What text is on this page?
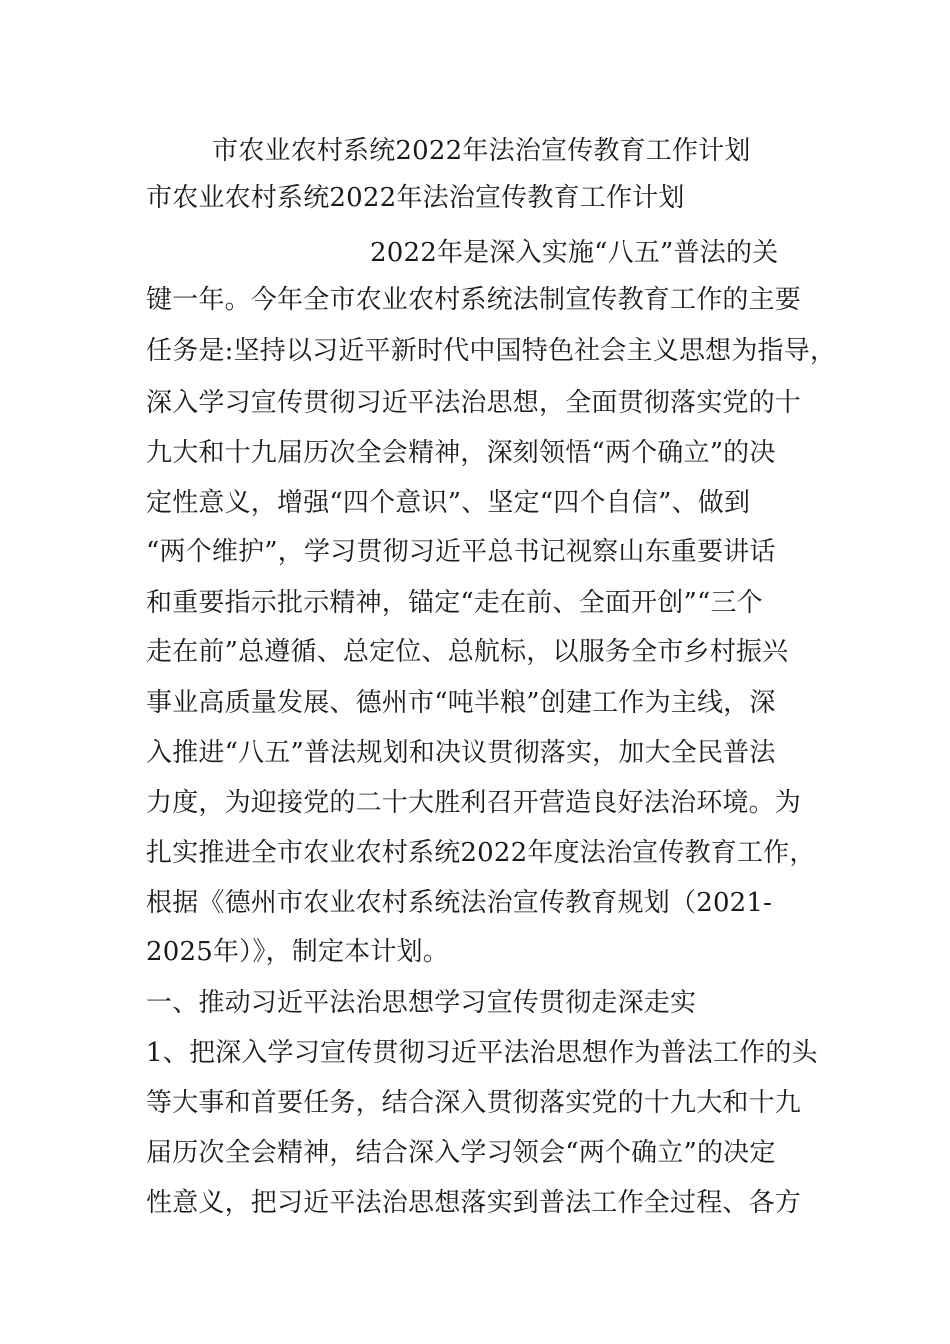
市农业农村系统2022年法治宣传教育工作计划
市农业农村系统2022年法治宣传教育工作计划
2022年是深入实施“八五”普法的关
键一年。今年全市农业农村系统法制宣传教育工作的主要
任务是:坚持以习近平新时代中国特色社会主义思想为指导，
深入学习宣传贯彻习近平法治思想，全面贯彻落实党的十
九大和十九届历次全会精神，深刻领悟“两个确立”的决
定性意义，增强“四个意识”、坚定“四个自信”、做到
“两个维护”，学习贯彻习近平总书记视察山东重要讲话
和重要指示批示精神，锚定“走在前、全面开创”“三个
走在前”总遵循、总定位、总航标，以服务全市乡村振兴
事业高质量发展、德州市“吨半粮”创建工作为主线，深
入推进“八五”普法规划和决议贯彻落实，加大全民普法
力度，为迎接党的二十大胜利召开营造良好法治环境。为
扎实推进全市农业农村系统2022年度法治宣传教育工作，
根据《德州市农业农村系统法治宣传教育规划（2021-
2025年）》，制定本计划。
一、推动习近平法治思想学习宣传贯彻走深走实
1、把深入学习宣传贯彻习近平法治思想作为普法工作的头
等大事和首要任务，结合深入贯彻落实党的十九大和十九
届历次全会精神，结合深入学习领会“两个确立”的决定
性意义，把习近平法治思想落实到普法工作全过程、各方
